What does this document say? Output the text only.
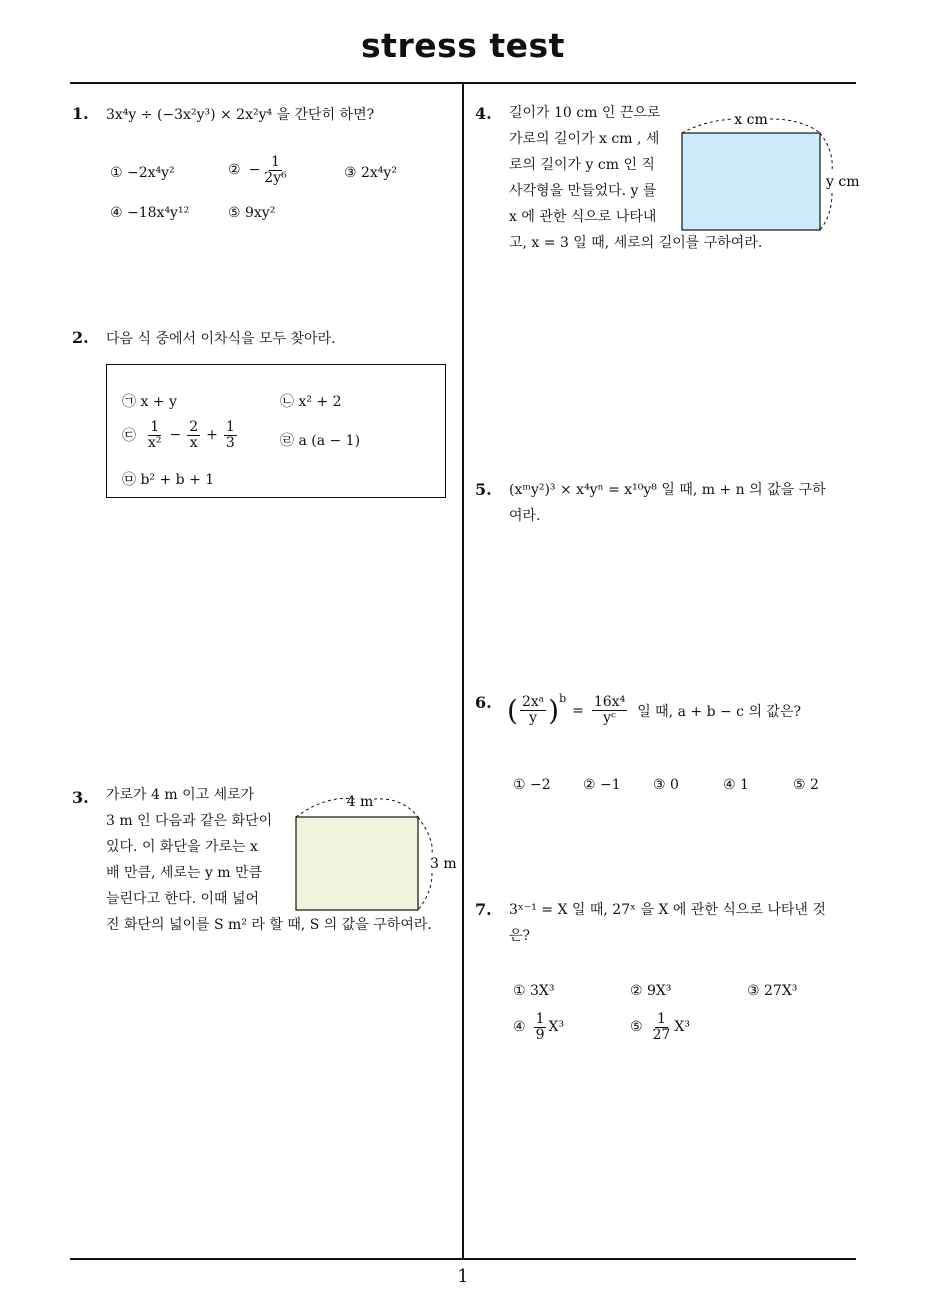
stress test
1
1. 3x⁴y ÷ (−3x²y³) × 2x²y⁴ 을 간단히 하면?
① −2x⁴y²	② − $\frac{1}{\text{2y⁶}}$	③ 2x⁴y²
④ −18x⁴y¹²	⑤ 9xy²
2. 다음 식 중에서 이차식을 모두 찾아라.
㉠ x + y	㉡ x² + 2
㉢ $\frac{1}{\text{x²}} - \frac{2}{x} + \frac{1}{3}$	㉣ a (a − 1)
㉤ b² + b + 1
3. 가로가 4 m 이고 세로가
3 m 인 다음과 같은 화단이
있다. 이 화단을 가로는 x
배 만큼, 세로는 y m 만큼
늘린다고 한다. 이때 넓어
진 화단의 넓이를 S m² 라 할 때, S 의 값을 구하여라.
4 m
3 m
4. 길이가 10 cm 인 끈으로
가로의 길이가 x cm , 세
로의 길이가 y cm 인 직
사각형을 만들었다. y 를
x 에 관한 식으로 나타내
고, x = 3 일 때, 세로의 길이를 구하여라.
x cm
y cm
5. (xᵐy²)³ × x⁴yⁿ = x¹⁰y⁸ 일 때, m + n 의 값을 구하
여라.
6. ( $\frac{\text{2xᵃ}}{y}$ ) b
= $\frac{\text{16x⁴}}{\text{yᶜ}}$ 일 때, a + b − c 의 값은?
① −2 ② −1 ③ 0	④ 1	⑤ 2
7. 3ˣ⁻¹ = X 일 때, 27ˣ 을 X 에 관한 식으로 나타낸 것
은?
① 3X³	② 9X³	③ 27X³
④ $\frac{1}{9} X^3$	⑤ $\frac{1}{27} X^3$
